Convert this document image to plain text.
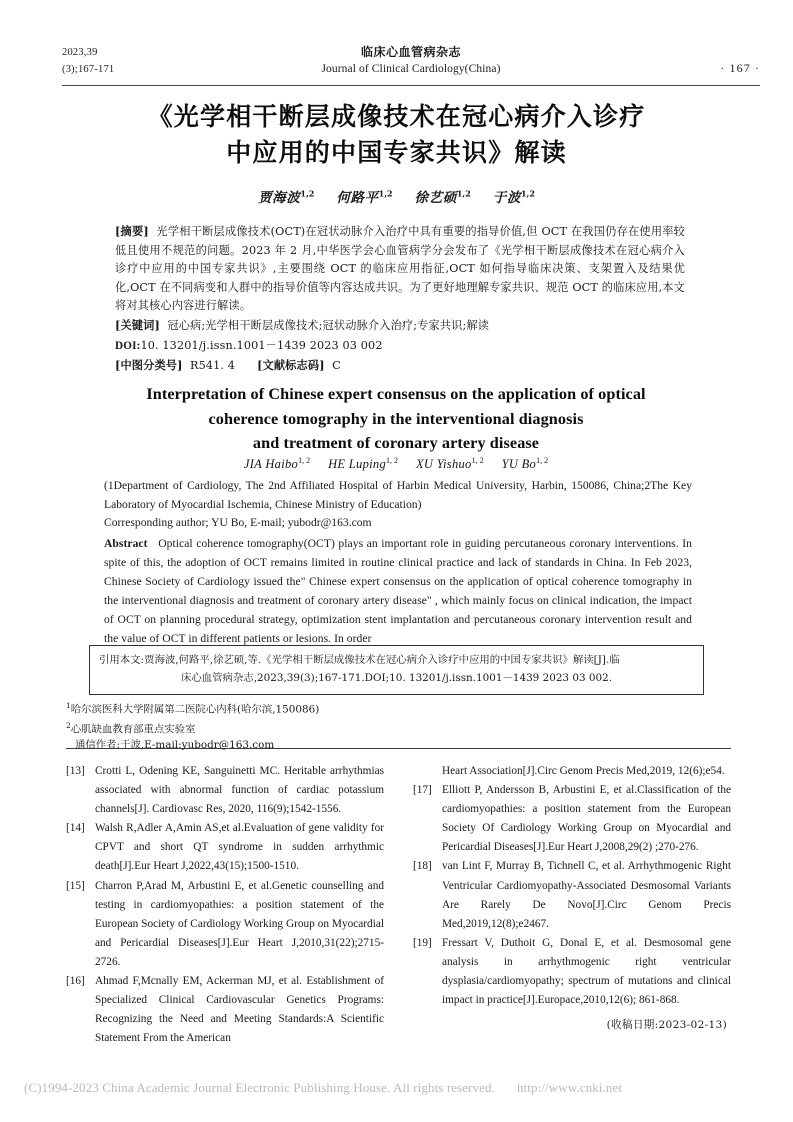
2023,39
(3);167-171
临床心血管病杂志
Journal of Clinical Cardiology(China)	· 167 ·
《光学相干断层成像技术在冠心病介入诊疗
中应用的中国专家共识》解读
贾海波$^{1,2}$ 何路平$^{1,2}$ 徐艺硕$^{1,2}$ 于波$^{1,2}$
[摘要] 光学相干断层成像技术(OCT)在冠状动脉介入治疗中具有重要的指导价值,但 OCT 在我国仍存在使用率较低且使用不规范的问题。2023 年 2 月,中华医学会心血管病学分会发布了《光学相干断层成像技术在冠心病介入诊疗中应用的中国专家共识》,主要围绕 OCT 的临床应用指征,OCT 如何指导临床决策、支架置入及结果优化,OCT 在不同病变和人群中的指导价值等内容达成共识。为了更好地理解专家共识、规范 OCT 的临床应用,本文将对其核心内容进行解读。
[关键词] 冠心病;光学相干断层成像技术;冠状动脉介入治疗;专家共识;解读
DOI:10. 13201/j.issn.1001－1439 2023 03 002
[中图分类号] R541. 4 [文献标志码] C
Interpretation of Chinese expert consensus on the application of optical
coherence tomography in the interventional diagnosis
and treatment of coronary artery disease
JIA Haibo$^{1, 2}$ HE Luping$^{1, 2}$ XU Yishuo$^{1, 2}$ YU Bo$^{1, 2}$
(1Department of Cardiology, The 2nd Affiliated Hospital of Harbin Medical University, Harbin, 150086, China;2The Key Laboratory of Myocardial Ischemia, Chinese Ministry of Education)
Corresponding author; YU Bo, E-mail; yubodr@163.com
Abstract Optical coherence tomography(OCT) plays an important role in guiding percutaneous coronary interventions. In spite of this, the adoption of OCT remains limited in routine clinical practice and lack of standards in China. In Feb 2023, Chinese Society of Cardiology issued the" Chinese expert consensus on the application of optical coherence tomography in the interventional diagnosis and treatment of coronary artery disease" , which mainly focus on clinical indication, the impact of OCT on planning procedural strategy, optimization stent implantation and percutaneous coronary intervention result and the value of OCT in different patients or lesions. In order
引用本文:贾海波,何路平,徐艺硕,等.《光学相干断层成像技术在冠心病介入诊疗中应用的中国专家共识》解读[J].临
床心血管病杂志,2023,39(3);167-171.DOI;10. 13201/j.issn.1001－1439 2023 03 002.
$^1$哈尔滨医科大学附属第二医院心内科(哈尔滨,150086)
$^2$心肌缺血教育部重点实验室
通信作者:于波,E-mail:yubodr@163.com
[13] Crotti L, Odening KE, Sanguinetti MC. Heritable arrhythmias associated with abnormal function of cardiac potassium channels[J]. Cardiovasc Res, 2020, 116(9);1542-1556.
[14] Walsh R,Adler A,Amin AS,et al.Evaluation of gene validity for CPVT and short QT syndrome in sudden arrhythmic death[J].Eur Heart J,2022,43(15);1500-1510.
[15] Charron P,Arad M, Arbustini E, et al.Genetic counselling and testing in cardiomyopathies: a position statement of the European Society of Cardiology Working Group on Myocardial and Pericardial Diseases[J].Eur Heart J,2010,31(22);2715-2726.
[16] Ahmad F,Mcnally EM, Ackerman MJ, et al. Establishment of Specialized Clinical Cardiovascular Genetics Programs: Recognizing the Need and Meeting Standards:A Scientific Statement From the American
Heart Association[J].Circ Genom Precis Med,2019, 12(6);e54.
[17] Elliott P, Andersson B, Arbustini E, et al.Classification of the cardiomyopathies: a position statement from the European Society Of Cardiology Working Group on Myocardial and Pericardial Diseases[J].Eur Heart J,2008,29(2) ;270-276.
[18] van Lint F, Murray B, Tichnell C, et al. Arrhythmogenic Right Ventricular Cardiomyopathy-Associated Desmosomal Variants Are Rarely De Novo[J].Circ Genom Precis Med,2019,12(8);e2467.
[19] Fressart V, Duthoit G, Donal E, et al. Desmosomal gene analysis in arrhythmogenic right ventricular dysplasia/cardiomyopathy; spectrum of mutations and clinical impact in practice[J].Europace,2010,12(6); 861-868.
(收稿日期:2023-02-13)
(C)1994-2023 China Academic Journal Electronic Publishing House. All rights reserved. http://www.cnki.net
